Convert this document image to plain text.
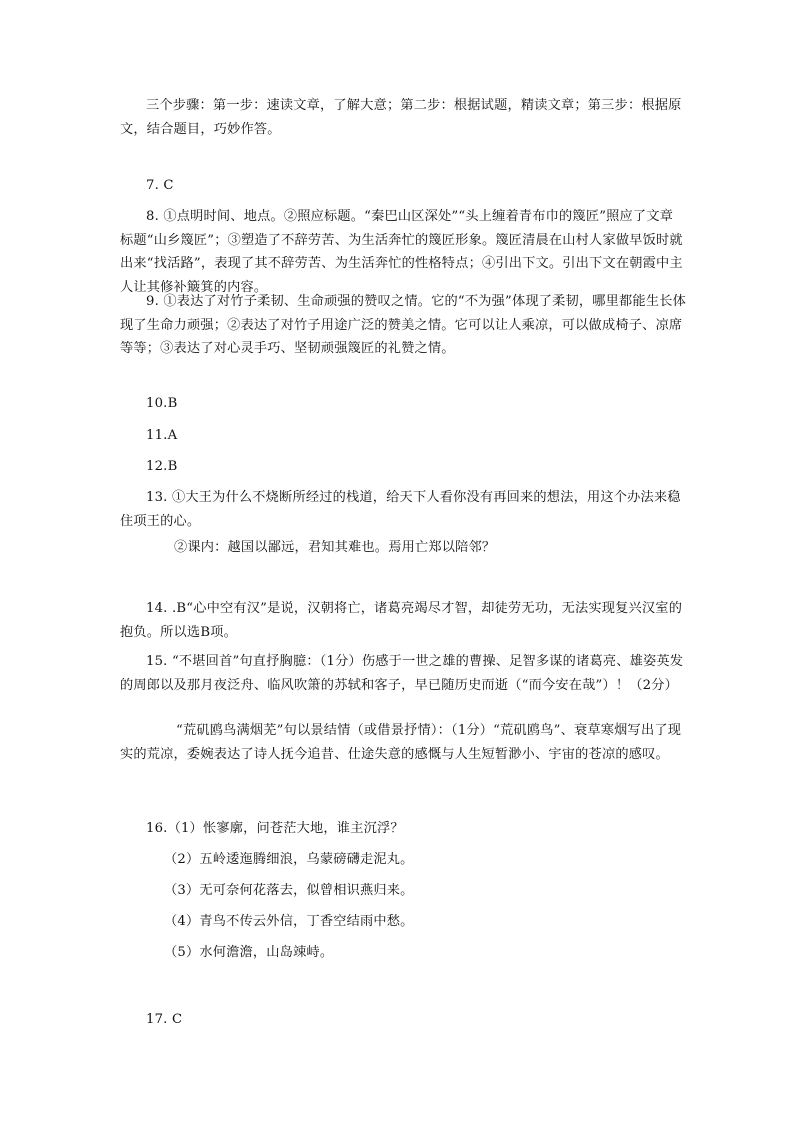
三个步骤：第一步：速读文章，了解大意；第二步：根据试题，精读文章；第三步：根据原文，结合题目，巧妙作答。
7. C
8. ①点明时间、地点。②照应标题。“秦巴山区深处”“头上缠着青布巾的篾匠”照应了文章标题“山乡篾匠”；③塑造了不辞劳苦、为生活奔忙的篾匠形象。篾匠清晨在山村人家做早饭时就出来“找活路”，表现了其不辞劳苦、为生活奔忙的性格特点；④引出下文。引出下文在朝霞中主人让其修补簸箕的内容。
9. ①表达了对竹子柔韧、生命顽强的赞叹之情。它的“不为强”体现了柔韧，哪里都能生长体现了生命力顽强；②表达了对竹子用途广泛的赞美之情。它可以让人乘凉，可以做成椅子、凉席等等；③表达了对心灵手巧、坚韧顽强篾匠的礼赞之情。
10.B
11.A
12.B
13. ①大王为什么不烧断所经过的栈道，给天下人看你没有再回来的想法，用这个办法来稳住项王的心。
②课内：越国以鄙远，君知其难也。焉用亡郑以陪邻？
14. .B“心中空有汉”是说，汉朝将亡，诸葛亮竭尽才智，却徒劳无功，无法实现复兴汉室的抱负。所以选B项。
15. “不堪回首”句直抒胸臆：（1分）伤感于一世之雄的曹操、足智多谋的诸葛亮、雄姿英发的周郎以及那月夜泛舟、临风吹箫的苏轼和客子，早已随历史而逝（“而今安在哉”）！（2分）
“荒矶鸥鸟满烟芜”句以景结情（或借景抒情）：（1分）“荒矶鸥鸟”、衰草寒烟写出了现实的荒凉，委婉表达了诗人抚今追昔、仕途失意的感慨与人生短暂渺小、宇宙的苍凉的感叹。
16.（1）怅寥廓，问苍茫大地，谁主沉浮？
（2）五岭逶迤腾细浪，乌蒙磅礴走泥丸。
（3）无可奈何花落去，似曾相识燕归来。
（4）青鸟不传云外信，丁香空结雨中愁。
（5）水何澹澹，山岛竦峙。
17. C
